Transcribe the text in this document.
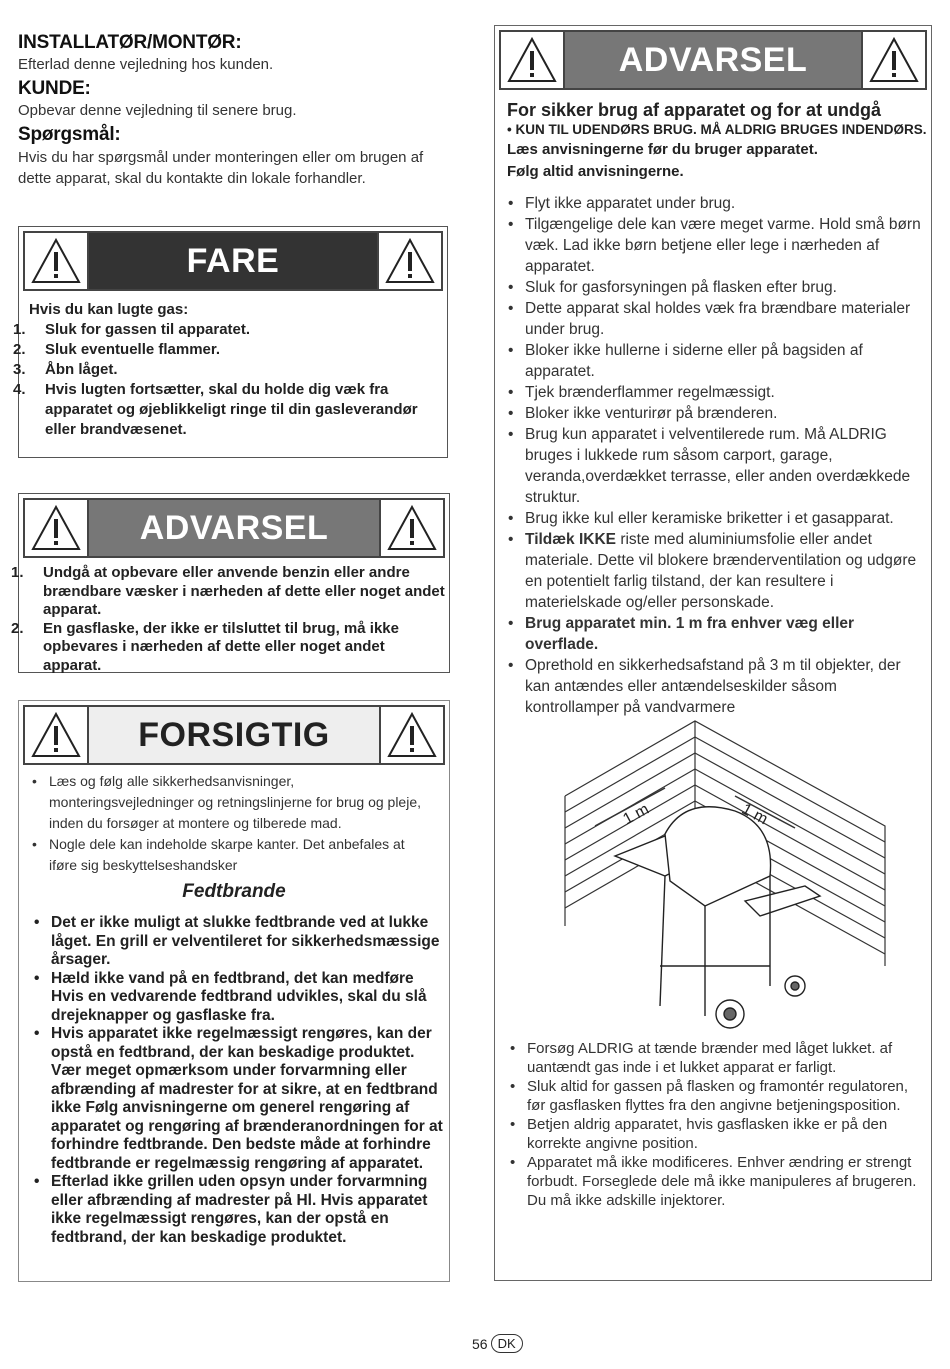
INSTALLATØR/MONTØR:
Efterlad denne vejledning hos kunden.
KUNDE:
Opbevar denne vejledning til senere brug.
Spørgsmål:
Hvis du har spørgsmål under monteringen eller om brugen af dette apparat, skal du kontakte din lokale forhandler.
FARE
Hvis du kan lugte gas:
1. Sluk for gassen til apparatet.
2. Sluk eventuelle flammer.
3. Åbn låget.
4. Hvis lugten fortsætter, skal du holde dig væk fra apparatet og øjeblikkeligt ringe til din gasleverandør eller brandvæsenet.
ADVARSEL
1. Undgå at opbevare eller anvende benzin eller andre brændbare væsker i nærheden af dette eller noget andet apparat.
2. En gasflaske, der ikke er tilsluttet til brug, må ikke opbevares i nærheden af dette eller noget andet apparat.
FORSIGTIG
• Læs og følg alle sikkerhedsanvisninger, monteringsvejledninger og retningslinjerne for brug og pleje, inden du forsøger at montere og tilberede mad.
• Nogle dele kan indeholde skarpe kanter. Det anbefales at iføre sig beskyttelseshandsker
Fedtbrande
• Det er ikke muligt at slukke fedtbrande ved at lukke låget. En grill er velventileret for sikkerhedsmæssige årsager.
• Hæld ikke vand på en fedtbrand, det kan medføre Hvis en vedvarende fedtbrand udvikles, skal du slå drejeknapper og gasflaske fra.
• Hvis apparatet ikke regelmæssigt rengøres, kan der opstå en fedtbrand, der kan beskadige produktet. Vær meget opmærksom under forvarmning eller afbrænding af madrester for at sikre, at en fedtbrand ikke Følg anvisningerne om generel rengøring af apparatet og rengøring af brænderanordningen for at forhindre fedtbrande. Den bedste måde at forhindre fedtbrande er regelmæssig rengøring af apparatet.
• Efterlad ikke grillen uden opsyn under forvarmning eller afbrænding af madrester på Hl. Hvis apparatet ikke regelmæssigt rengøres, kan der opstå en fedtbrand, der kan beskadige produktet.
ADVARSEL
For sikker brug af apparatet og for at undgå
• KUN TIL UDENDØRS BRUG. MÅ ALDRIG BRUGES INDENDØRS.
Læs anvisningerne før du bruger apparatet.
Følg altid anvisningerne.
• Flyt ikke apparatet under brug.
• Tilgængelige dele kan være meget varme. Hold små børn væk. Lad ikke børn betjene eller lege i nærheden af apparatet.
• Sluk for gasforsyningen på flasken efter brug.
• Dette apparat skal holdes væk fra brændbare materialer under brug.
• Bloker ikke hullerne i siderne eller på bagsiden af apparatet.
• Tjek brænderflammer regelmæssigt.
• Bloker ikke venturirør på brænderen.
• Brug kun apparatet i velventilerede rum. Må ALDRIG bruges i lukkede rum såsom carport, garage, veranda,overdækket terrasse, eller anden overdækkede struktur.
• Brug ikke kul eller keramiske briketter i et gasapparat.
• Tildæk IKKE riste med aluminiumsfolie eller andet materiale. Dette vil blokere brænderventilation og udgøre en potentielt farlig tilstand, der kan resultere i materielskade og/eller personskade.
• Brug apparatet min. 1 m fra enhver væg eller overflade.
• Oprethold en sikkerhedsafstand på 3 m til objekter, der kan antændes eller antændelseskilder såsom kontrollamper på vandvarmere
1 m	1 m
• Forsøg ALDRIG at tænde brænder med låget lukket. af uantændt gas inde i et lukket apparat er farligt.
• Sluk altid for gassen på flasken og framontér regulatoren, før gasflasken flyttes fra den angivne betjeningsposition.
• Betjen aldrig apparatet, hvis gasflasken ikke er på den korrekte angivne position.
• Apparatet må ikke modificeres. Enhver ændring er strengt forbudt. Forseglede dele må ikke manipuleres af brugeren. Du må ikke adskille injektorer.
56 DK
